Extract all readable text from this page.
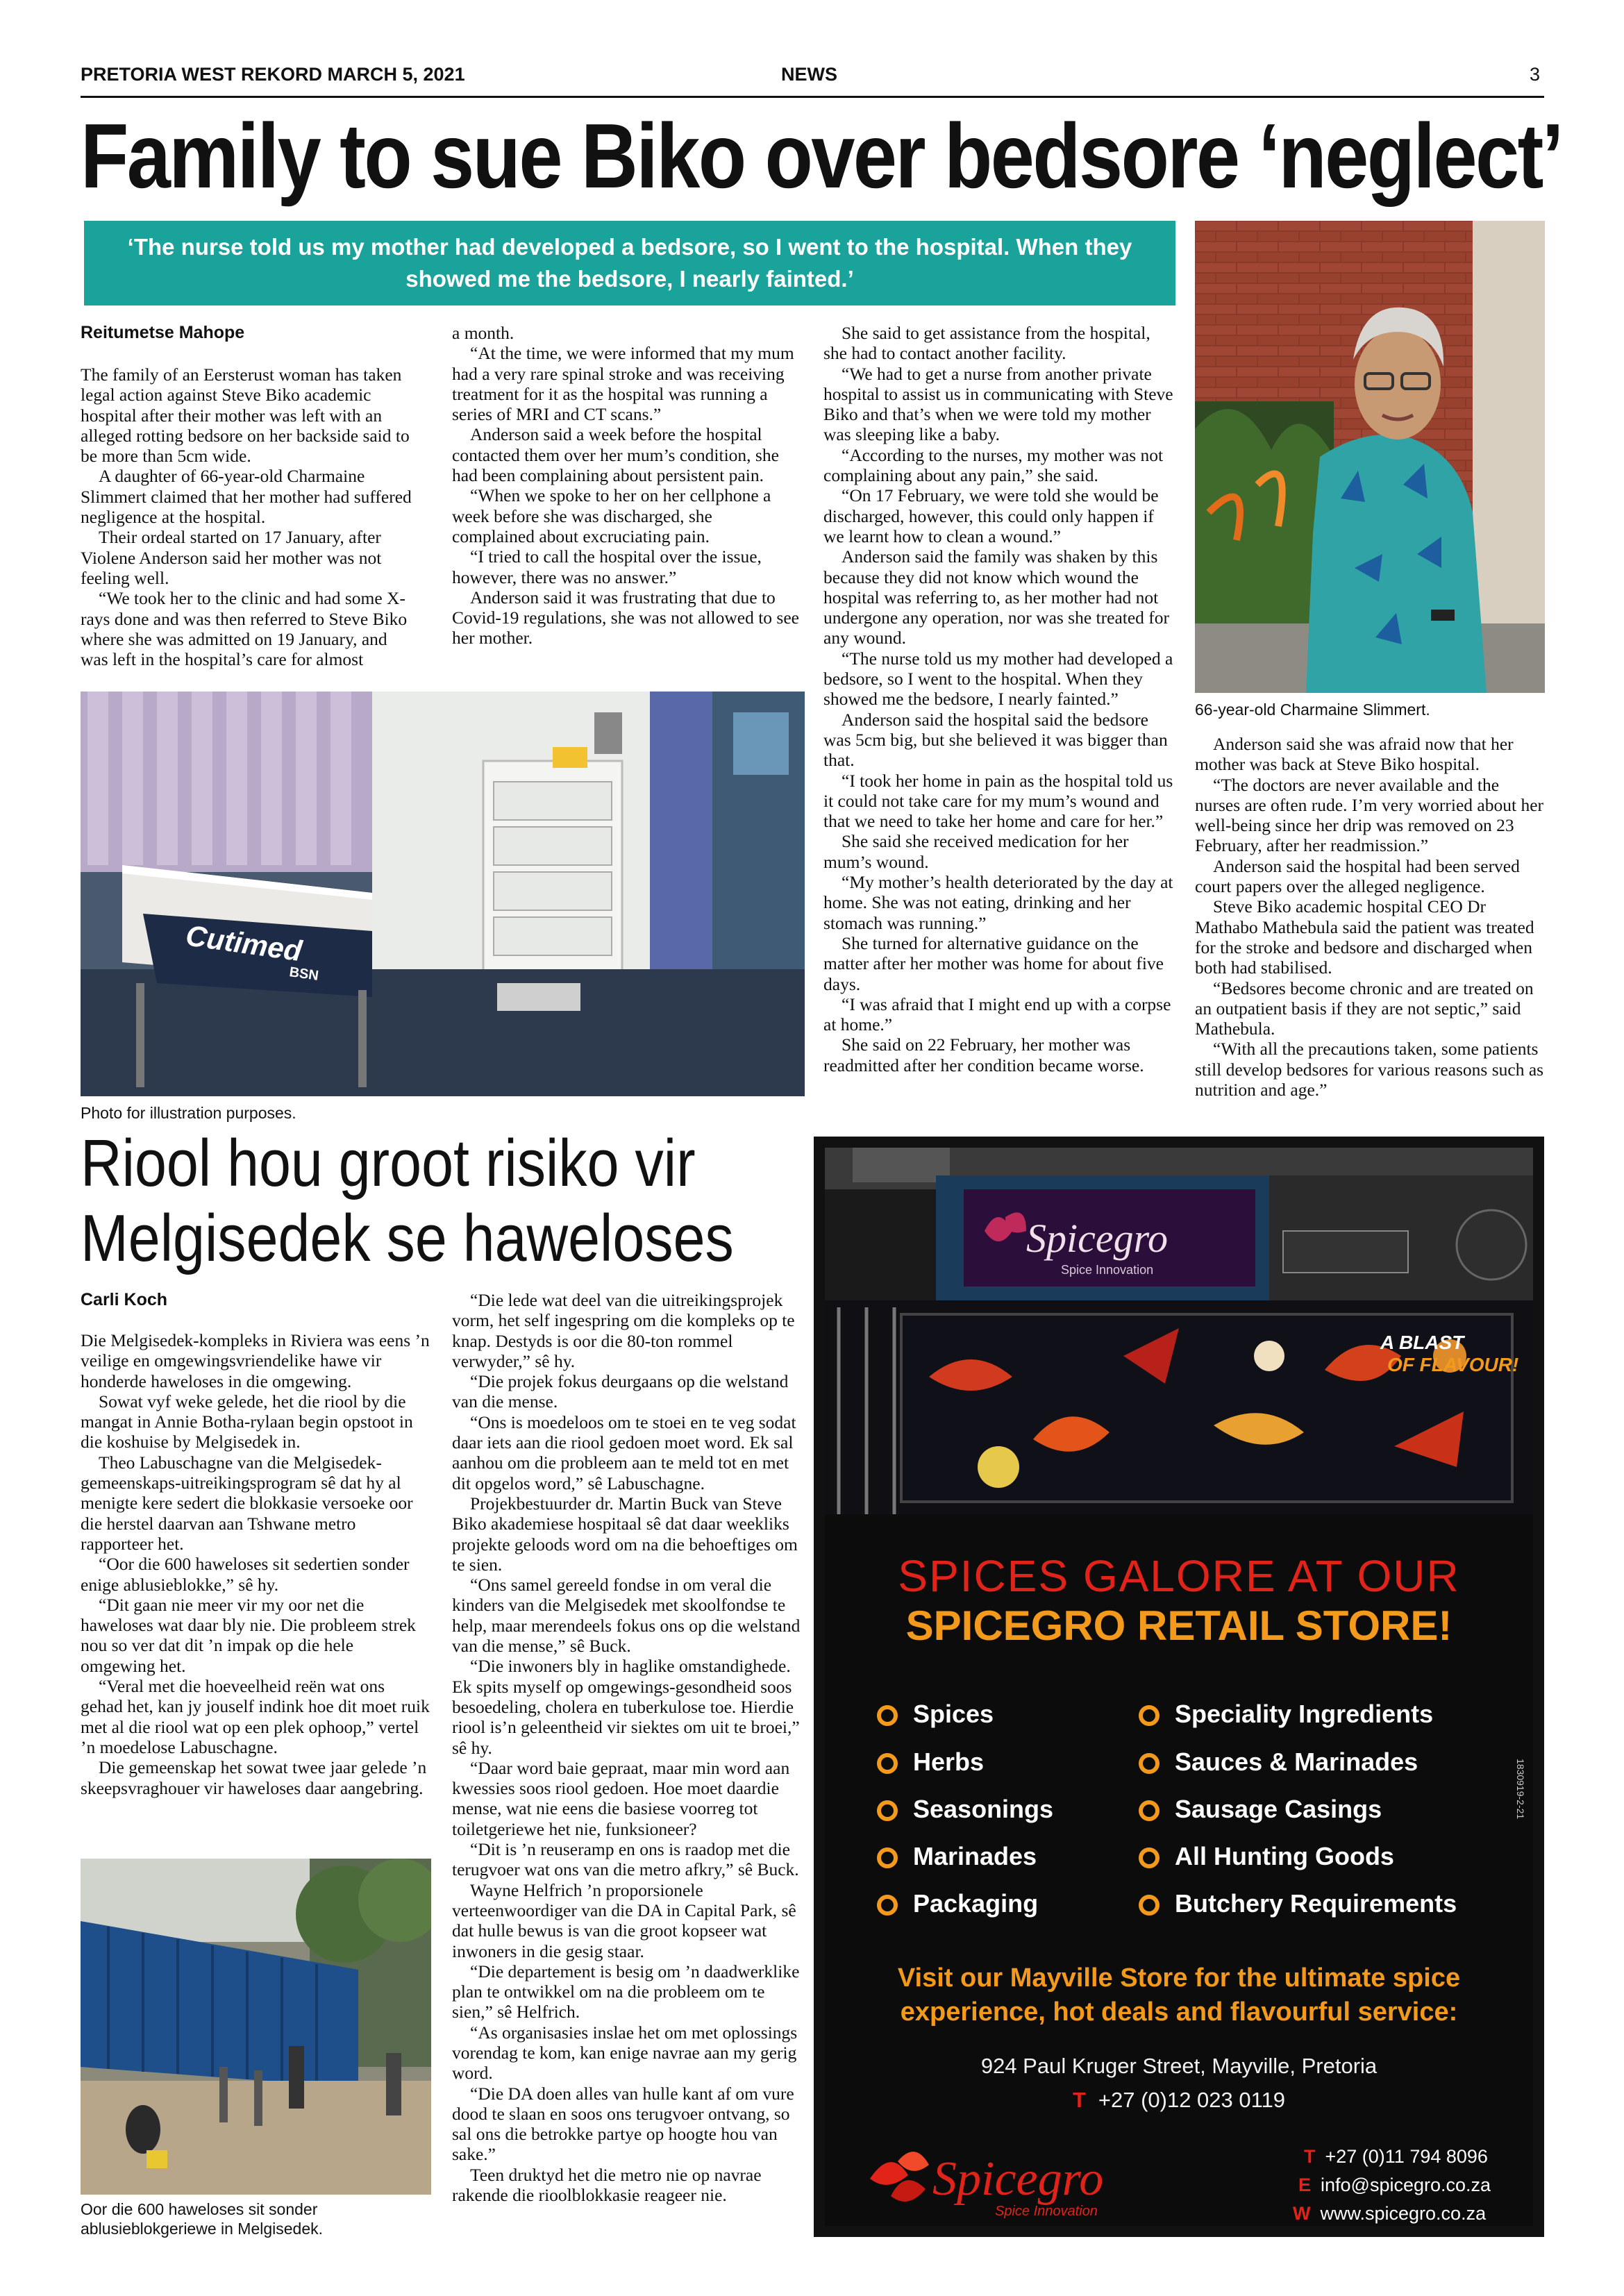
PRETORIA WEST REKORD MARCH 5, 2021	NEWS	3
Family to sue Biko over bedsore ‘neglect’
‘The nurse told us my mother had developed a bedsore, so I went to the hospital. When they showed me the bedsore, I nearly fainted.’
Reitumetse Mahope

The family of an Eersterust woman has taken legal action against Steve Biko academic hospital after their mother was left with an alleged rotting bedsore on her backside said to be more than 5cm wide.

A daughter of 66-year-old Charmaine Slimmert claimed that her mother had suffered negligence at the hospital.

Their ordeal started on 17 January, after Violene Anderson said her mother was not feeling well.

“We took her to the clinic and had some X-rays done and was then referred to Steve Biko where she was admitted on 19 January, and was left in the hospital’s care for almost

a month.

“At the time, we were informed that my mum had a very rare spinal stroke and was receiving treatment for it as the hospital was running a series of MRI and CT scans.”

Anderson said a week before the hospital contacted them over her mum’s condition, she had been complaining about persistent pain.

“When we spoke to her on her cellphone a week before she was discharged, she complained about excruciating pain.

“I tried to call the hospital over the issue, however, there was no answer.”

Anderson said it was frustrating that due to Covid-19 regulations, she was not allowed to see her mother.

She said to get assistance from the hospital, she had to contact another facility.

“We had to get a nurse from another private hospital to assist us in communicating with Steve Biko and that’s when we were told my mother was sleeping like a baby.

“According to the nurses, my mother was not complaining about any pain,” she said.

“On 17 February, we were told she would be discharged, however, this could only happen if we learnt how to clean a wound.”

Anderson said the family was shaken by this because they did not know which wound the hospital was referring to, as her mother had not undergone any operation, nor was she treated for any wound.

“The nurse told us my mother had developed a bedsore, so I went to the hospital. When they showed me the bedsore, I nearly fainted.”

Anderson said the hospital said the bedsore was 5cm big, but she believed it was bigger than that.

“I took her home in pain as the hospital told us it could not take care for my mum’s wound and that we need to take her home and care for her.”

She said she received medication for her mum’s wound.

“My mother’s health deteriorated by the day at home. She was not eating, drinking and her stomach was running.”

She turned for alternative guidance on the matter after her mother was home for about five days.

“I was afraid that I might end up with a corpse at home.”

She said on 22 February, her mother was readmitted after her condition became worse.

Anderson said she was afraid now that her mother was back at Steve Biko hospital.

“The doctors are never available and the nurses are often rude. I’m very worried about her well-being since her drip was removed on 23 February, after her readmission.”

Anderson said the hospital had been served court papers over the alleged negligence.

Steve Biko academic hospital CEO Dr Mathabo Mathebula said the patient was treated for the stroke and bedsore and discharged when both had stabilised.

“Bedsores become chronic and are treated on an outpatient basis if they are not septic,” said Mathebula.

“With all the precautions taken, some patients still develop bedsores for various reasons such as nutrition and age.”

66-year-old Charmaine Slimmert.
Cutimed
BSN
Photo for illustration purposes.
Riool hou groot risiko vir
Melgisedek se haweloses
Carli Koch

Die Melgisedek-kompleks in Riviera was eens ’n veilige en omgewingsvriendelike hawe vir honderde haweloses in die omgewing.

Sowat vyf weke gelede, het die riool by die mangat in Annie Botha-rylaan begin opstoot in die koshuise by Melgisedek in.

Theo Labuschagne van die Melgisedek-gemeenskaps-uitreikingsprogram sê dat hy al menigte kere sedert die blokkasie versoeke oor die herstel daarvan aan Tshwane metro rapporteer het.

“Oor die 600 haweloses sit sedertien sonder enige ablusieblokke,” sê hy.

“Dit gaan nie meer vir my oor net die haweloses wat daar bly nie. Die probleem strek nou so ver dat dit ’n impak op die hele omgewing het.

“Veral met die hoeveelheid reën wat ons gehad het, kan jy jouself indink hoe dit moet ruik met al die riool wat op een plek ophoop,” vertel ’n moedelose Labuschagne.

Die gemeenskap het sowat twee jaar gelede ’n skeepsvraghouer vir haweloses daar aangebring.

“Die lede wat deel van die uitreikingsprojek vorm, het self ingespring om die kompleks op te knap. Destyds is oor die 80-ton rommel verwyder,” sê hy.

“Die projek fokus deurgaans op die welstand van die mense.

“Ons is moedeloos om te stoei en te veg sodat daar iets aan die riool gedoen moet word. Ek sal aanhou om die probleem aan te meld tot en met dit opgelos word,” sê Labuschagne.

Projekbestuurder dr. Martin Buck van Steve Biko akademiese hospitaal sê dat daar weekliks projekte geloods word om na die behoeftiges om te sien.

“Ons samel gereeld fondse in om veral die kinders van die Melgisedek met skoolfondse te help, maar merendeels fokus ons op die welstand van die mense,” sê Buck.

“Die inwoners bly in haglike omstandighede. Ek spits myself op omgewings-gesondheid soos besoedeling, cholera en tuberkulose toe. Hierdie riool is’n geleentheid vir siektes om uit te broei,” sê hy.

“Daar word baie gepraat, maar min word aan kwessies soos riool gedoen. Hoe moet daardie mense, wat nie eens die basiese voorreg tot toiletgeriewe het nie, funksioneer?

“Dit is ’n reuseramp en ons is raadop met die terugvoer wat ons van die metro afkry,” sê Buck.

Wayne Helfrich ’n proporsionele verteenwoordiger van die DA in Capital Park, sê dat hulle bewus is van die groot kopseer wat inwoners in die gesig staar.

“Die departement is besig om ’n daadwerklike plan te ontwikkel om na die probleem om te sien,” sê Helfrich.

“As organisasies inslae het om met oplossings vorendag te kom, kan enige navrae aan my gerig word.

“Die DA doen alles van hulle kant af om vure dood te slaan en soos ons terugvoer ontvang, so sal ons die betrokke partye op hoogte hou van sake.”

Teen druktyd het die metro nie op navrae rakende die rioolblokkasie reageer nie.

Oor die 600 haweloses sit sonder
ablusieblokgeriewe in Melgisedek.
Spicegro
Spice Innovation
A BLAST
OF FLAVOUR!
SPICES GALORE AT OUR
SPICEGRO RETAIL STORE!
Spices
Herbs
Seasonings
Marinades
Packaging
Speciality Ingredients
Sauces & Marinades
Sausage Casings
All Hunting Goods
Butchery Requirements
Visit our Mayville Store for the ultimate spice
experience, hot deals and flavourful service:
924 Paul Kruger Street, Mayville, Pretoria
T +27 (0)12 023 0119
Spicegro
Spice Innovation
T +27 (0)11 794 8096
E info@spicegro.co.za
W www.spicegro.co.za
1830919-2-21
